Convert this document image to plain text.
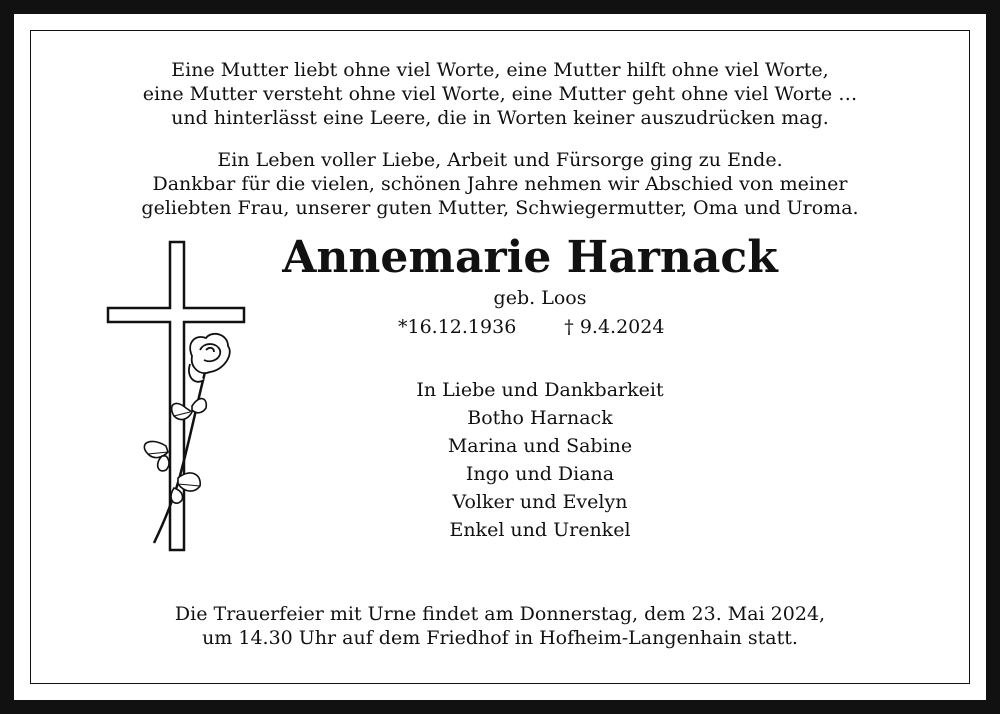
Eine Mutter liebt ohne viel Worte, eine Mutter hilft ohne viel Worte,
eine Mutter versteht ohne viel Worte, eine Mutter geht ohne viel Worte …
und hinterlässt eine Leere, die in Worten keiner auszudrücken mag.
Ein Leben voller Liebe, Arbeit und Fürsorge ging zu Ende.
Dankbar für die vielen, schönen Jahre nehmen wir Abschied von meiner
geliebten Frau, unserer guten Mutter, Schwiegermutter, Oma und Uroma.
Annemarie Harnack
geb. Loos
*16.12.1936	† 9.4.2024
In Liebe und Dankbarkeit
Botho Harnack
Marina und Sabine
Ingo und Diana
Volker und Evelyn
Enkel und Urenkel
Die Trauerfeier mit Urne findet am Donnerstag, dem 23. Mai 2024,
um 14.30 Uhr auf dem Friedhof in Hofheim-Langenhain statt.
